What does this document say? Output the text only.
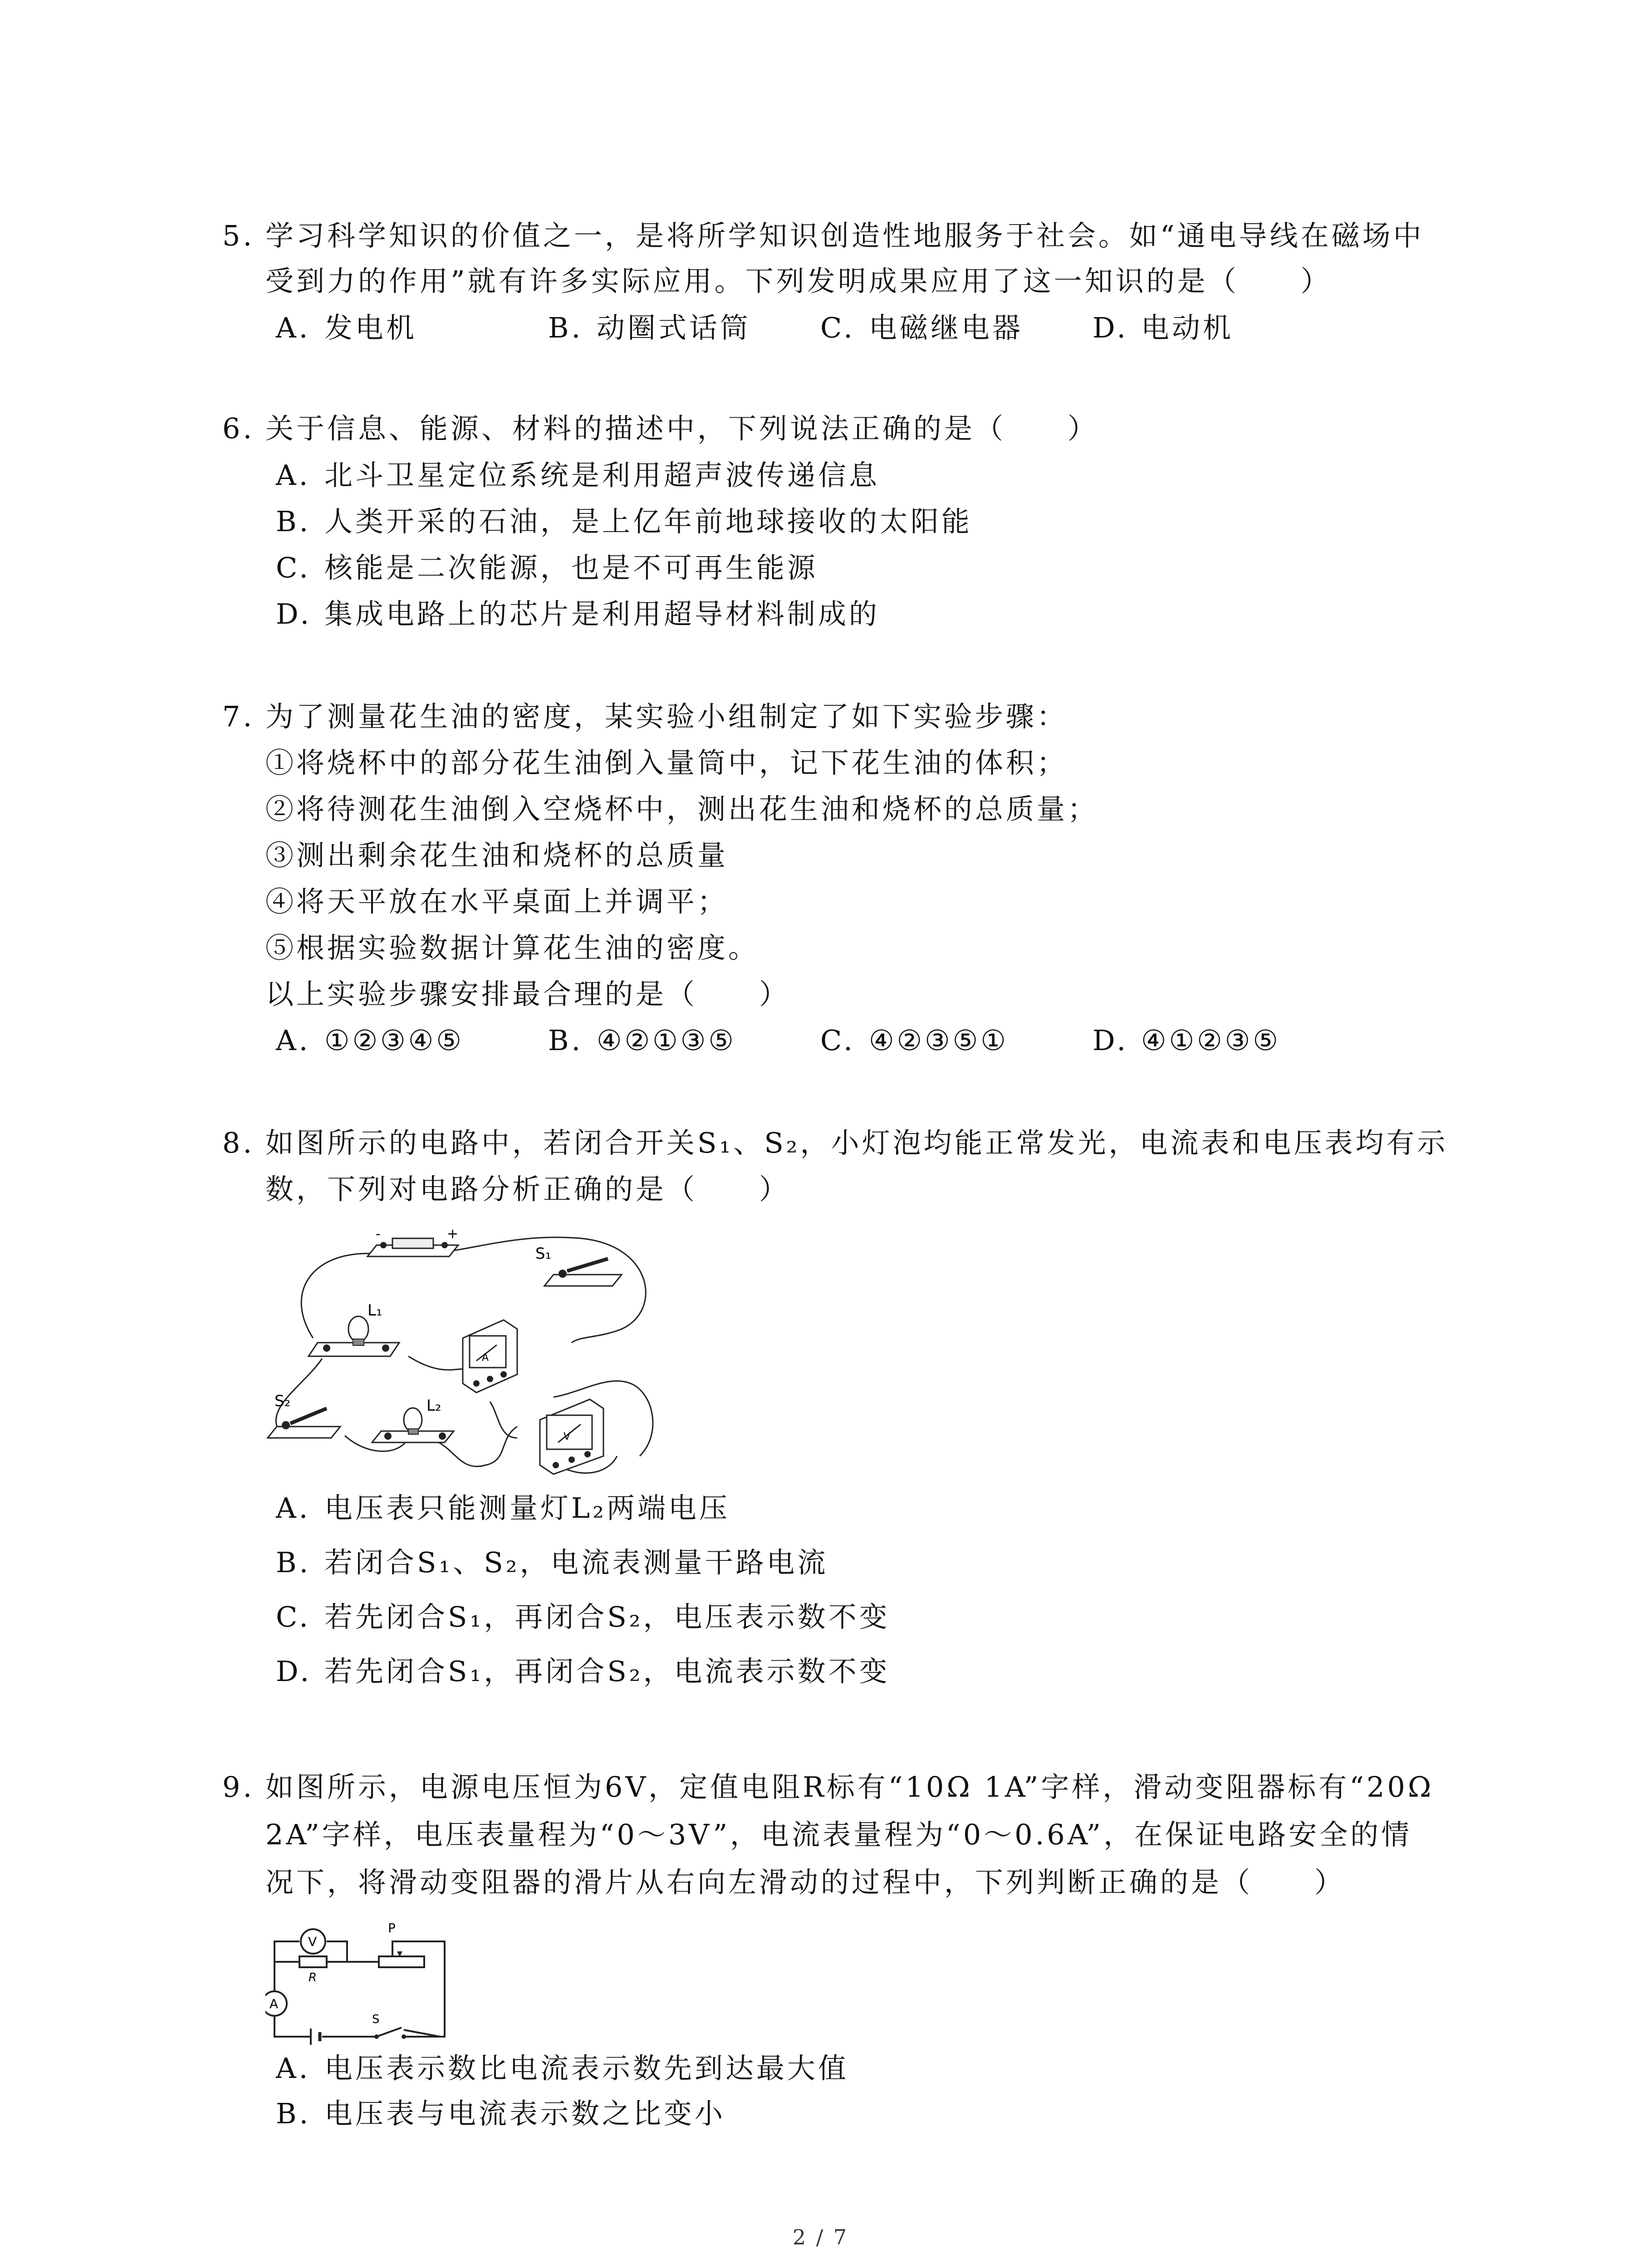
5. 学习科学知识的价值之一，是将所学知识创造性地服务于社会。如“通电导线在磁场中
受到力的作用”就有许多实际应用。下列发明成果应用了这一知识的是（　　）
A. 发电机	B. 动圈式话筒 C. 电磁继电器 D. 电动机
6. 关于信息、能源、材料的描述中，下列说法正确的是（　　）
A. 北斗卫星定位系统是利用超声波传递信息
B. 人类开采的石油，是上亿年前地球接收的太阳能
C. 核能是二次能源，也是不可再生能源
D. 集成电路上的芯片是利用超导材料制成的
7. 为了测量花生油的密度，某实验小组制定了如下实验步骤：
①将烧杯中的部分花生油倒入量筒中，记下花生油的体积；
②将待测花生油倒入空烧杯中，测出花生油和烧杯的总质量；
③测出剩余花生油和烧杯的总质量
④将天平放在水平桌面上并调平；
⑤根据实验数据计算花生油的密度。
以上实验步骤安排最合理的是（　　）
A. ①②③④⑤	B. ④②①③⑤	C. ④②③⑤①	D. ④①②③⑤
8. 如图所示的电路中，若闭合开关S₁、S₂，小灯泡均能正常发光，电流表和电压表均有示
数，下列对电路分析正确的是（　　）
-	+
S₁
L₁
A
S₂	L₂
V
A. 电压表只能测量灯L₂两端电压
B. 若闭合S₁、S₂，电流表测量干路电流
C. 若先闭合S₁，再闭合S₂，电压表示数不变
D. 若先闭合S₁，再闭合S₂，电流表示数不变
9. 如图所示，电源电压恒为6V，定值电阻R标有“10Ω 1A”字样，滑动变阻器标有“20Ω
2A”字样，电压表量程为“0～3V”，电流表量程为“0～0.6A”，在保证电路安全的情
况下，将滑动变阻器的滑片从右向左滑动的过程中，下列判断正确的是（　　）
V
A
R
P
S
A. 电压表示数比电流表示数先到达最大值
B. 电压表与电流表示数之比变小
2 / 7
